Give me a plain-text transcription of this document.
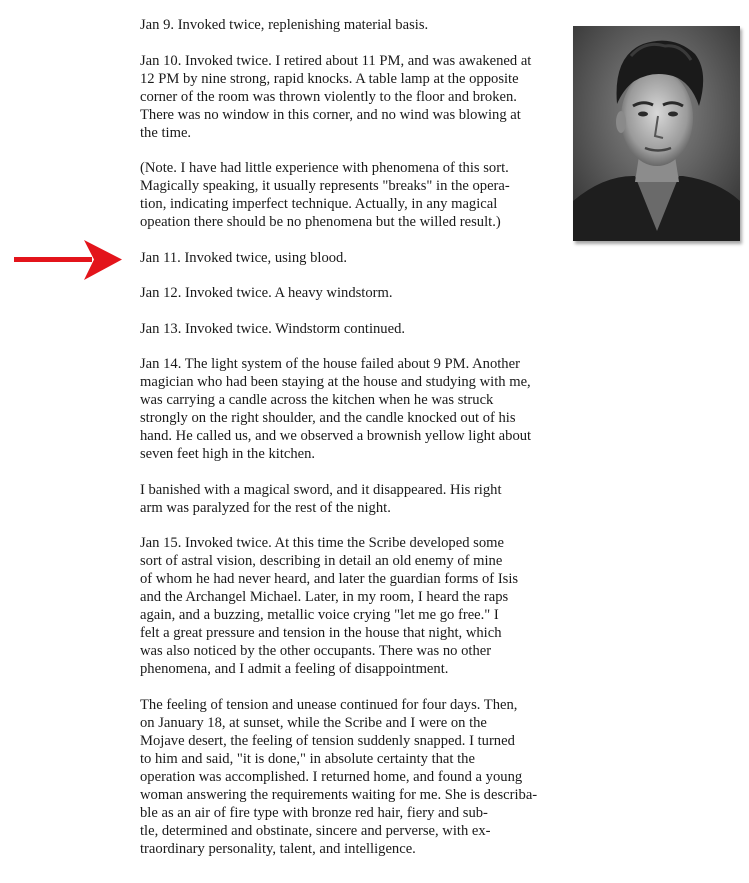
Jan 9. Invoked twice, replenishing material basis.

Jan 10. Invoked twice. I retired about 11 PM, and was awakened at
12 PM by nine strong, rapid knocks. A table lamp at the opposite
corner of the room was thrown violently to the floor and broken.
There was no window in this corner, and no wind was blowing at
the time.

(Note. I have had little experience with phenomena of this sort.
Magically speaking, it usually represents "breaks" in the opera-
tion, indicating imperfect technique. Actually, in any magical
opeation there should be no phenomena but the willed result.)

Jan 11. Invoked twice, using blood.

Jan 12. Invoked twice. A heavy windstorm.

Jan 13. Invoked twice. Windstorm continued.

Jan 14. The light system of the house failed about 9 PM. Another
magician who had been staying at the house and studying with me,
was carrying a candle across the kitchen when he was struck
strongly on the right shoulder, and the candle knocked out of his
hand. He called us, and we observed a brownish yellow light about
seven feet high in the kitchen.

I banished with a magical sword, and it disappeared. His right
arm was paralyzed for the rest of the night.

Jan 15. Invoked twice. At this time the Scribe developed some
sort of astral vision, describing in detail an old enemy of mine
of whom he had never heard, and later the guardian forms of Isis
and the Archangel Michael. Later, in my room, I heard the raps
again, and a buzzing, metallic voice crying "let me go free." I
felt a great pressure and tension in the house that night, which
was also noticed by the other occupants. There was no other
phenomena, and I admit a feeling of disappointment.

The feeling of tension and unease continued for four days. Then,
on January 18, at sunset, while the Scribe and I were on the
Mojave desert, the feeling of tension suddenly snapped. I turned
to him and said, "it is done," in absolute certainty that the
operation was accomplished. I returned home, and found a young
woman answering the requirements waiting for me. She is describa-
ble as an air of fire type with bronze red hair, fiery and sub-
tle, determined and obstinate, sincere and perverse, with ex-
traordinary personality, talent, and intelligence.
